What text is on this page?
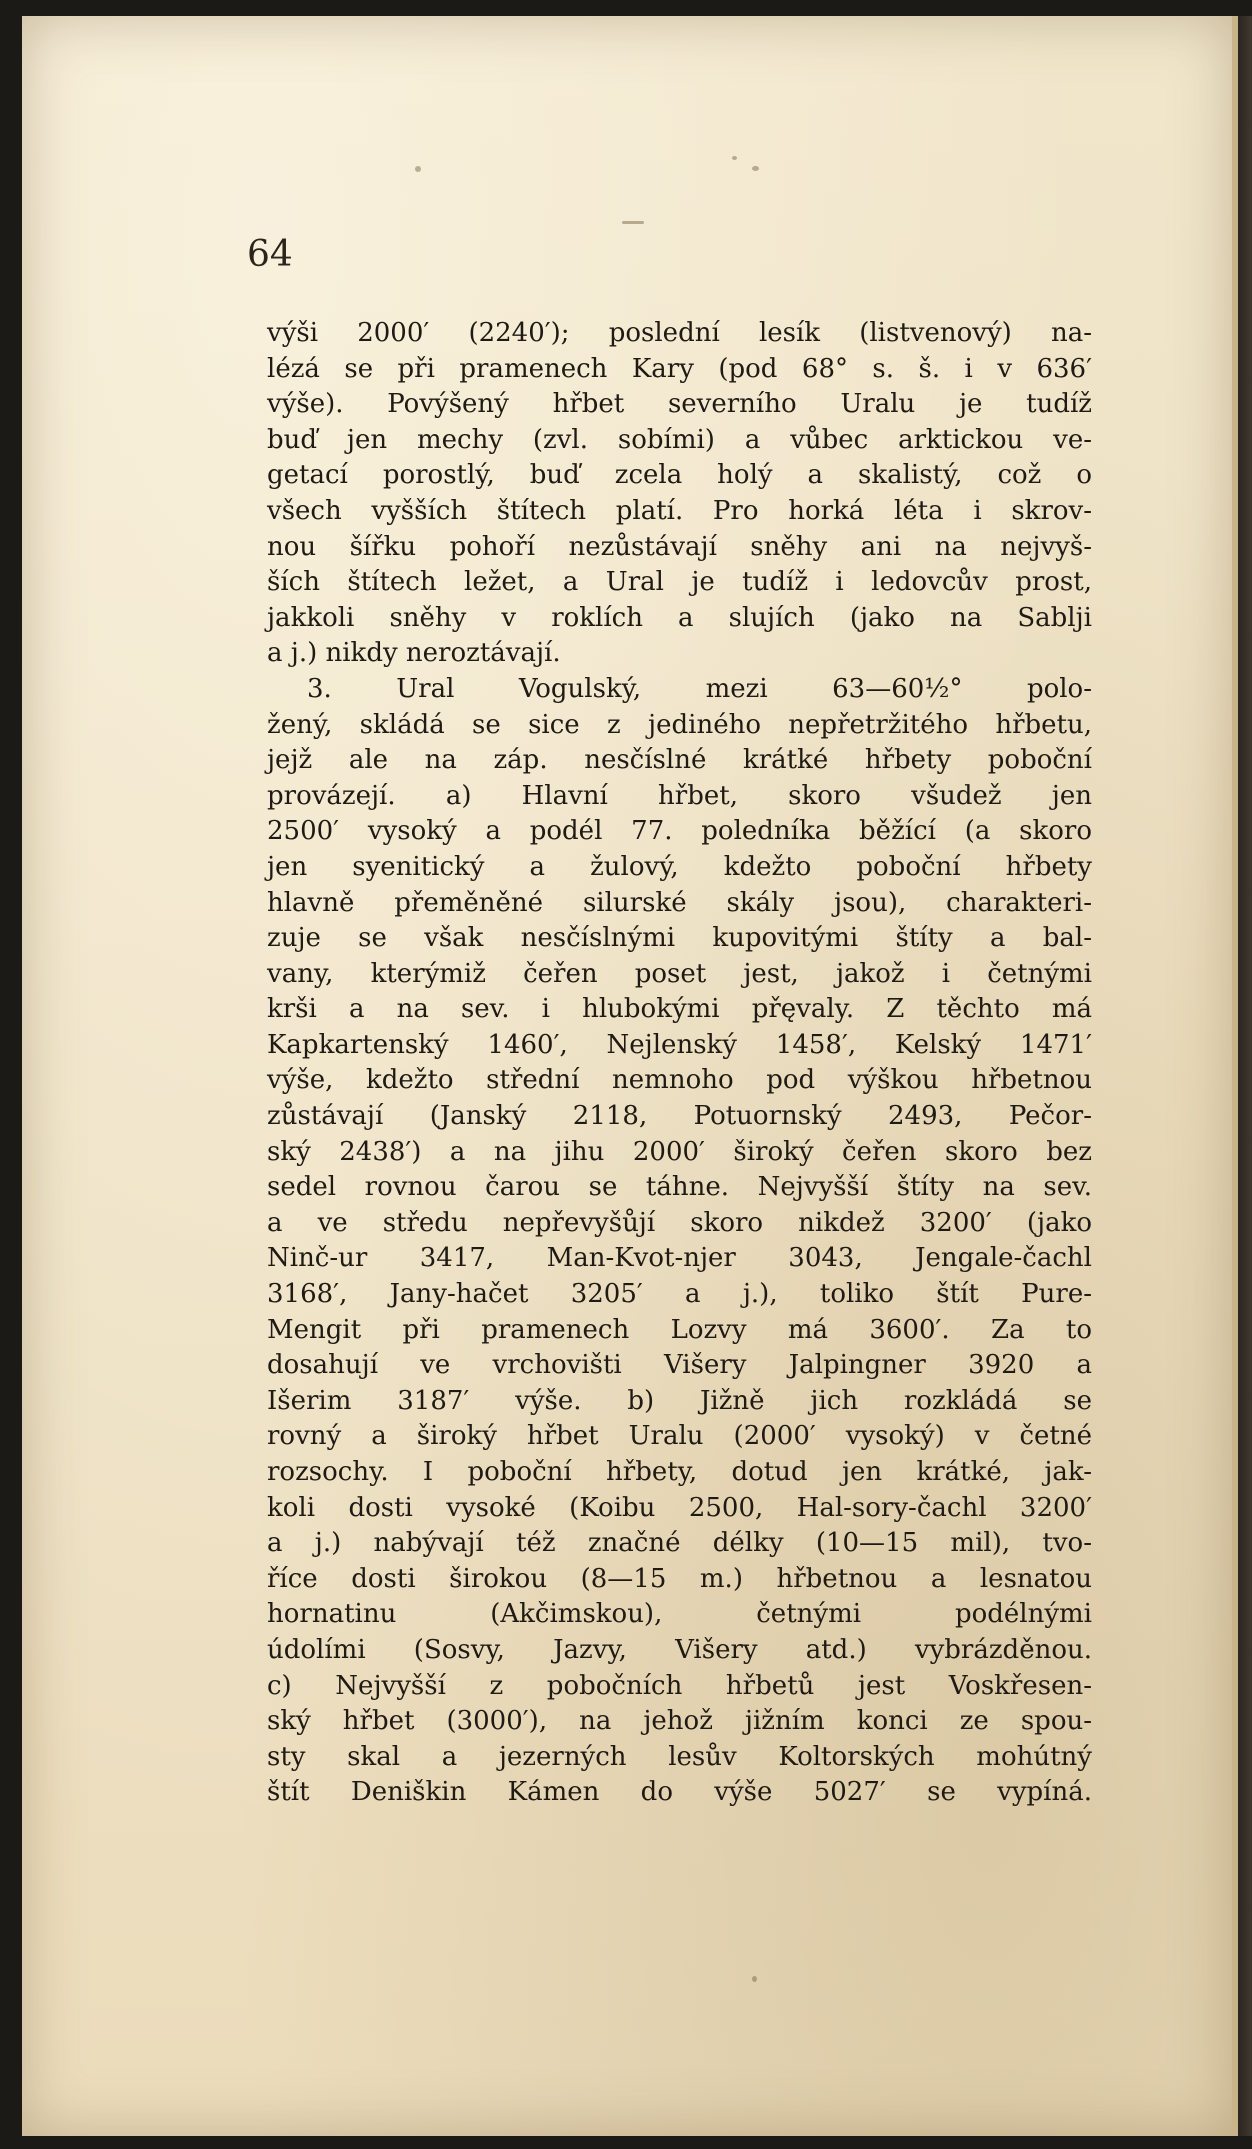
64
výši 2000′ (2240′); poslední lesík (listvenový) na-
lézá se při pramenech Kary (pod 68° s. š. i v 636′
výše). Povýšený hřbet severního Uralu je tudíž
buď jen mechy (zvl. sobími) a vůbec arktickou ve-
getací porostlý, buď zcela holý a skalistý, což o
všech vyšších štítech platí. Pro horká léta i skrov-
nou šířku pohoří nezůstávají sněhy ani na nejvyš-
ších štítech ležet, a Ural je tudíž i ledovcův prost,
jakkoli sněhy v roklích a slujích (jako na Sablji
a j.) nikdy neroztávají.
3. Ural Vogulský, mezi 63—60½° polo-
žený, skládá se sice z jediného nepřetržitého hřbetu,
jejž ale na záp. nesčíslné krátké hřbety poboční
provázejí. a) Hlavní hřbet, skoro všudež jen
2500′ vysoký a podél 77. poledníka běžící (a skoro
jen syenitický a žulový, kdežto poboční hřbety
hlavně přeměněné silurské skály jsou), charakteri-
zuje se však nesčíslnými kupovitými štíty a bal-
vany, kterýmiž čeřen poset jest, jakož i četnými
krši a na sev. i hlubokými přęvaly. Z těchto má
Kapkartenský 1460′, Nejlenský 1458′, Kelský 1471′
výše, kdežto střední nemnoho pod výškou hřbetnou
zůstávají (Janský 2118, Potuornský 2493, Pečor-
ský 2438′) a na jihu 2000′ široký čeřen skoro bez
sedel rovnou čarou se táhne. Nejvyšší štíty na sev.
a ve středu nepřevyšůjí skoro nikdež 3200′ (jako
Ninč-ur 3417, Man-Kvot-njer 3043, Jengale-čachl
3168′, Jany-hačet 3205′ a j.), toliko štít Pure-
Mengit při pramenech Lozvy má 3600′. Za to
dosahují ve vrchovišti Višery Jalpingner 3920 a
Išerim 3187′ výše. b) Jižně jich rozkládá se
rovný a široký hřbet Uralu (2000′ vysoký) v četné
rozsochy. I poboční hřbety, dotud jen krátké, jak-
koli dosti vysoké (Koibu 2500, Hal-sory-čachl 3200′
a j.) nabývají též značné délky (10—15 mil), tvo-
říce dosti širokou (8—15 m.) hřbetnou a lesnatou
hornatinu (Akčimskou), četnými podélnými
údolími (Sosvy, Jazvy, Višery atd.) vybrázděnou.
c) Nejvyšší z pobočních hřbetů jest Voskřesen-
ský hřbet (3000′), na jehož jižním konci ze spou-
sty skal a jezerných lesův Koltorských mohútný
štít Deniškin Kámen do výše 5027′ se vypíná.
